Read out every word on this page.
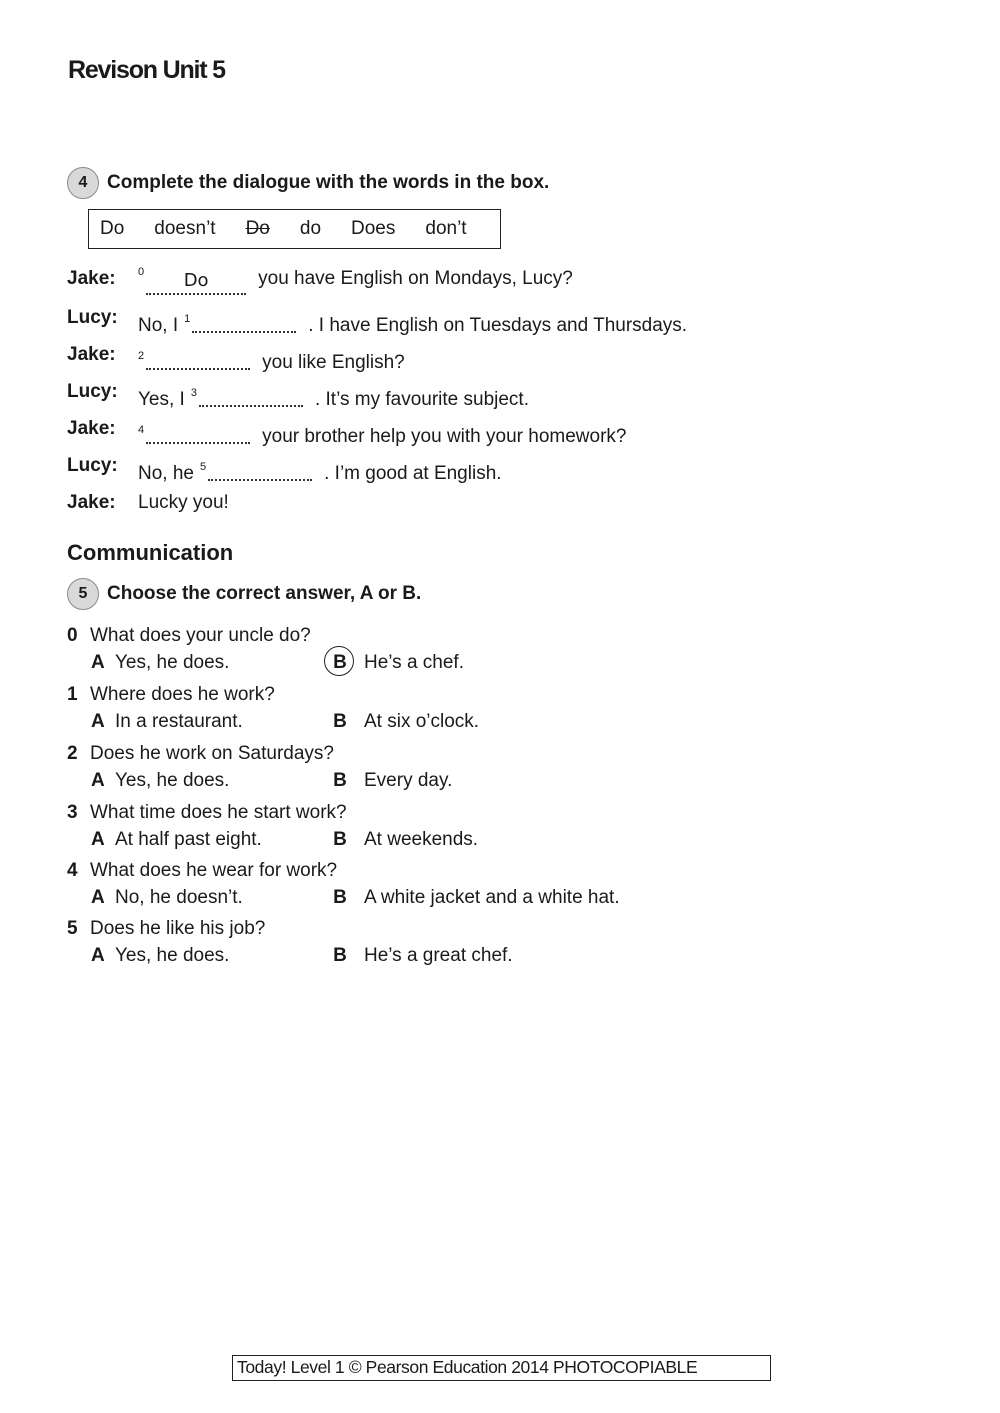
Revison Unit 5
4	Complete the dialogue with the words in the box.
Do doesn’t Do do Does don’t
Jake: 0	Do	you have English on Mondays, Lucy?
Lucy: No, I 1	. I have English on Tuesdays and Thursdays.
Jake: 2	you like English?
Lucy: Yes, I 3	. It’s my favourite subject.
Jake: 4	your brother help you with your homework?
Lucy: No, he 5	. I’m good at English.
Jake: Lucky you!
Communication
5	Choose the correct answer, A or B.
0 What does your uncle do?
A Yes, he does.	B He’s a chef.
1 Where does he work?
A In a restaurant.	B At six o’clock.
2 Does he work on Saturdays?
A Yes, he does.	B Every day.
3 What time does he start work?
A At half past eight.	B At weekends.
4 What does he wear for work?
A No, he doesn’t.	B A white jacket and a white hat.
5 Does he like his job?
A Yes, he does.	B He’s a great chef.
Today! Level 1 © Pearson Education 2014 PHOTOCOPIABLE
